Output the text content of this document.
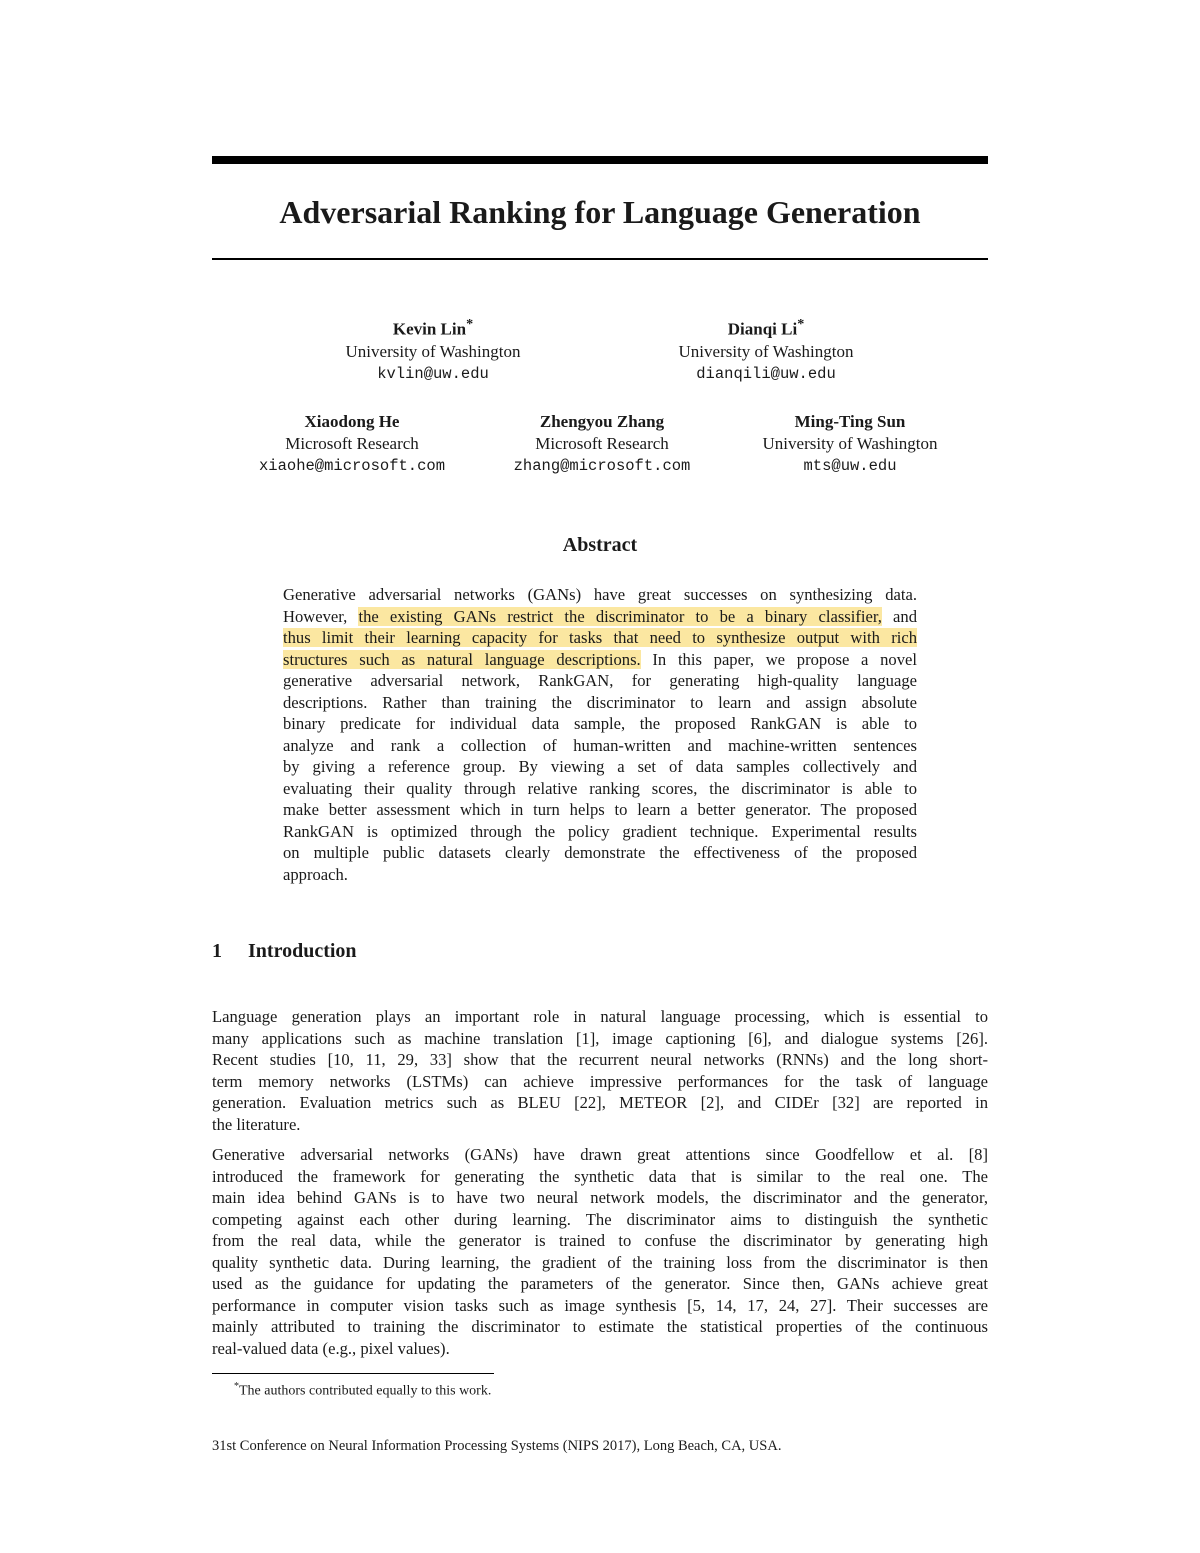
Adversarial Ranking for Language Generation
Kevin Lin*
University of Washington
kvlin@uw.edu
Dianqi Li*
University of Washington
dianqili@uw.edu
Xiaodong He
Microsoft Research
xiaohe@microsoft.com
Zhengyou Zhang
Microsoft Research
zhang@microsoft.com
Ming-Ting Sun
University of Washington
mts@uw.edu
Abstract
Generative adversarial networks (GANs) have great successes on synthesizing data.
However, the existing GANs restrict the discriminator to be a binary classifier, and
thus limit their learning capacity for tasks that need to synthesize output with rich
structures such as natural language descriptions. In this paper, we propose a novel
generative adversarial network, RankGAN, for generating high-quality language
descriptions. Rather than training the discriminator to learn and assign absolute
binary predicate for individual data sample, the proposed RankGAN is able to
analyze and rank a collection of human-written and machine-written sentences
by giving a reference group. By viewing a set of data samples collectively and
evaluating their quality through relative ranking scores, the discriminator is able to
make better assessment which in turn helps to learn a better generator. The proposed
RankGAN is optimized through the policy gradient technique. Experimental results
on multiple public datasets clearly demonstrate the effectiveness of the proposed
approach.
1 Introduction
Language generation plays an important role in natural language processing, which is essential to
many applications such as machine translation [1], image captioning [6], and dialogue systems [26].
Recent studies [10, 11, 29, 33] show that the recurrent neural networks (RNNs) and the long short-
term memory networks (LSTMs) can achieve impressive performances for the task of language
generation. Evaluation metrics such as BLEU [22], METEOR [2], and CIDEr [32] are reported in
the literature.
Generative adversarial networks (GANs) have drawn great attentions since Goodfellow et al. [8]
introduced the framework for generating the synthetic data that is similar to the real one. The
main idea behind GANs is to have two neural network models, the discriminator and the generator,
competing against each other during learning. The discriminator aims to distinguish the synthetic
from the real data, while the generator is trained to confuse the discriminator by generating high
quality synthetic data. During learning, the gradient of the training loss from the discriminator is then
used as the guidance for updating the parameters of the generator. Since then, GANs achieve great
performance in computer vision tasks such as image synthesis [5, 14, 17, 24, 27]. Their successes are
mainly attributed to training the discriminator to estimate the statistical properties of the continuous
real-valued data (e.g., pixel values).
*The authors contributed equally to this work.
31st Conference on Neural Information Processing Systems (NIPS 2017), Long Beach, CA, USA.
